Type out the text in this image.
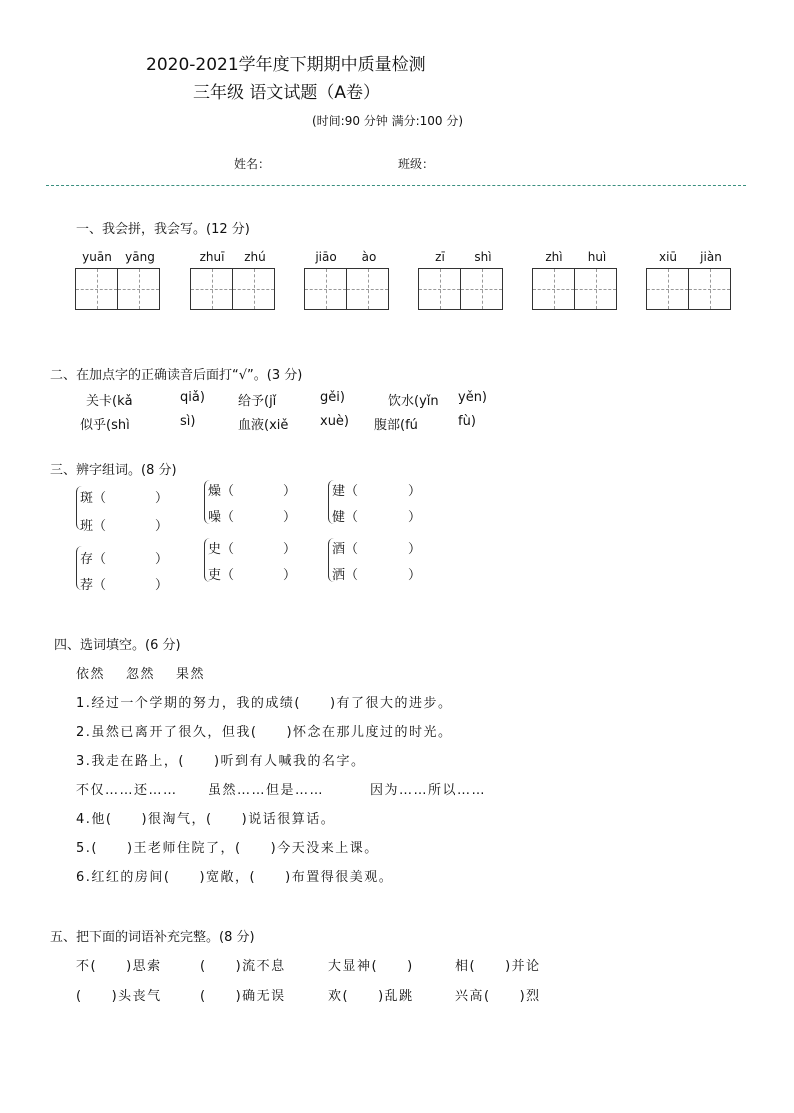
2020-2021学年度下期期中质量检测
三年级 语文试题（A卷）
(时间:90 分钟 满分:100 分)
姓名：	班级：
一、我会拼，我会写。(12 分)
yuān	yāng	zhuī	zhú	jiāo	ào	zī	shì	zhì	huì	xiū	jiàn
二、在加点字的正确读音后面打“√”。(3 分)
关卡(kǎ	qiǎ)	给予(jǐ	gěi)	饮水(yǐn yěn)
似乎(shì	sì)	血液(xiě xuè) 腹部(fú	fù)
三、辨字组词。(8 分)
斑（	）
班（	）
燥（	）
噪（	）
建（	）
健（	）
存（	）
荐（	）
史（	）
吏（	）
酒（	）
洒（	）
四、选词填空。(6 分)
依然 忽然 果然
1.经过一个学期的努力，我的成绩(　　)有了很大的进步。
2.虽然已离开了很久，但我(　　)怀念在那儿度过的时光。
3.我走在路上，(　　)听到有人喊我的名字。
不仅……还…… 虽然……但是……	因为……所以……
4.他(　　)很淘气，(　　)说话很算话。
5.(　　)王老师住院了，(　　)今天没来上课。
6.红红的房间(　　)宽敞，(　　)布置得很美观。
五、把下面的词语补充完整。(8 分)
不(　　)思索	(　　)流不息	大显神(　　)	相(　　)并论
(　　)头丧气	(　　)确无误	欢(　　)乱跳	兴高(　　)烈
